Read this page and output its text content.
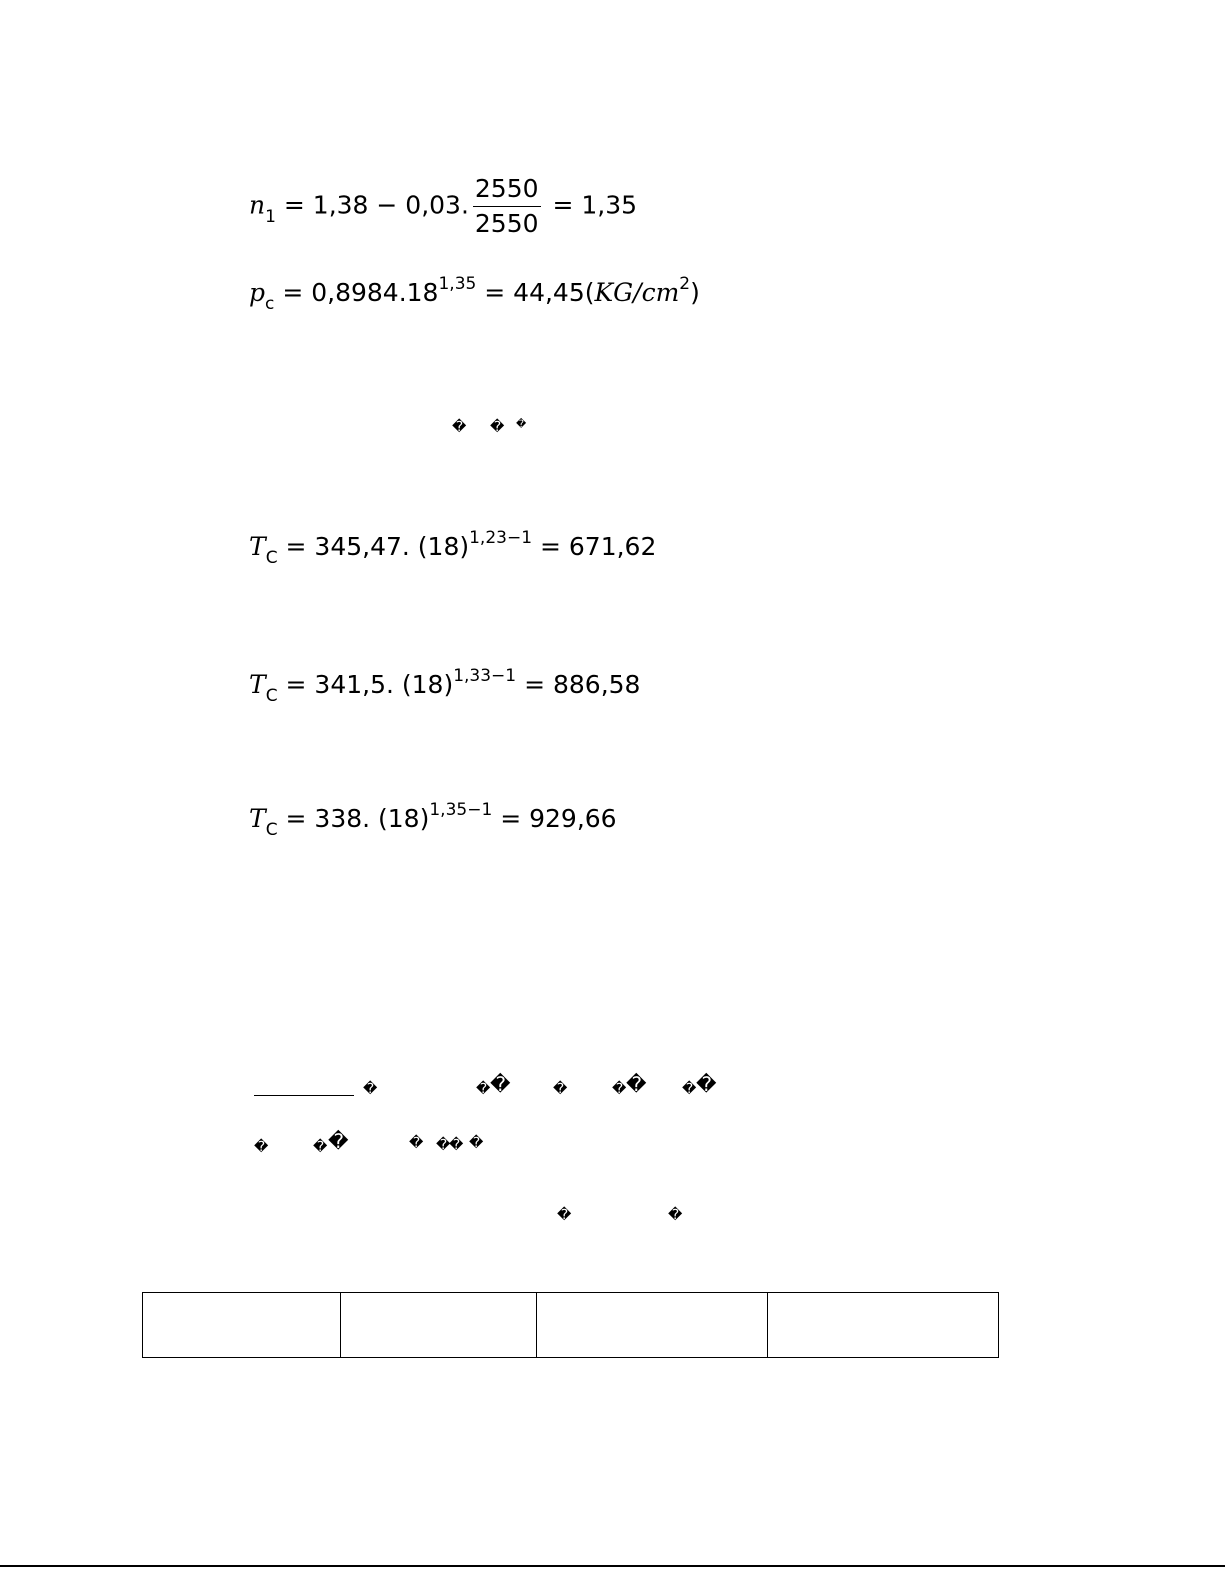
$n_1 = 1,38 - 0,03$. $\frac{2550}{2550} = 1,35$
$p_c = 0,8984.18^{1,35} = 44,45(KG/cm^2)$
� � �
$T_C = 345,47$. $(18)^{1,23-1} = 671,62$
$T_C = 341,5$. $(18)^{1,33-1} = 886,58$
$T_C = 338$. $(18)^{1,35-1} = 929,66$
�	� �	�	� �	� �
�	� �	� �
� �
�	�
